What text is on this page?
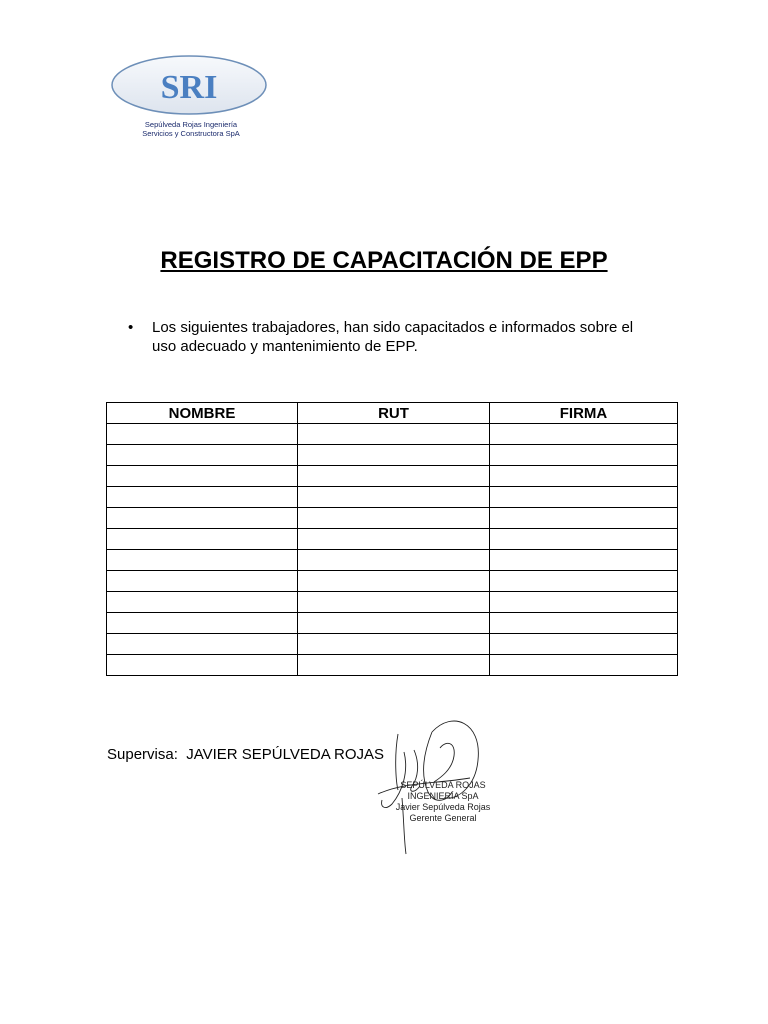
SRI
Sepúlveda Rojas Ingeniería
Servicios y Constructora SpA
REGISTRO DE CAPACITACIÓN DE EPP
• Los siguientes trabajadores, han sido capacitados e informados sobre el uso adecuado y mantenimiento de EPP.
NOMBRE	RUT	FIRMA

Supervisa: JAVIER SEPÚLVEDA ROJAS
SEPÚLVEDA ROJAS INGENIERÍA SpA
Javier Sepúlveda Rojas
Gerente General
